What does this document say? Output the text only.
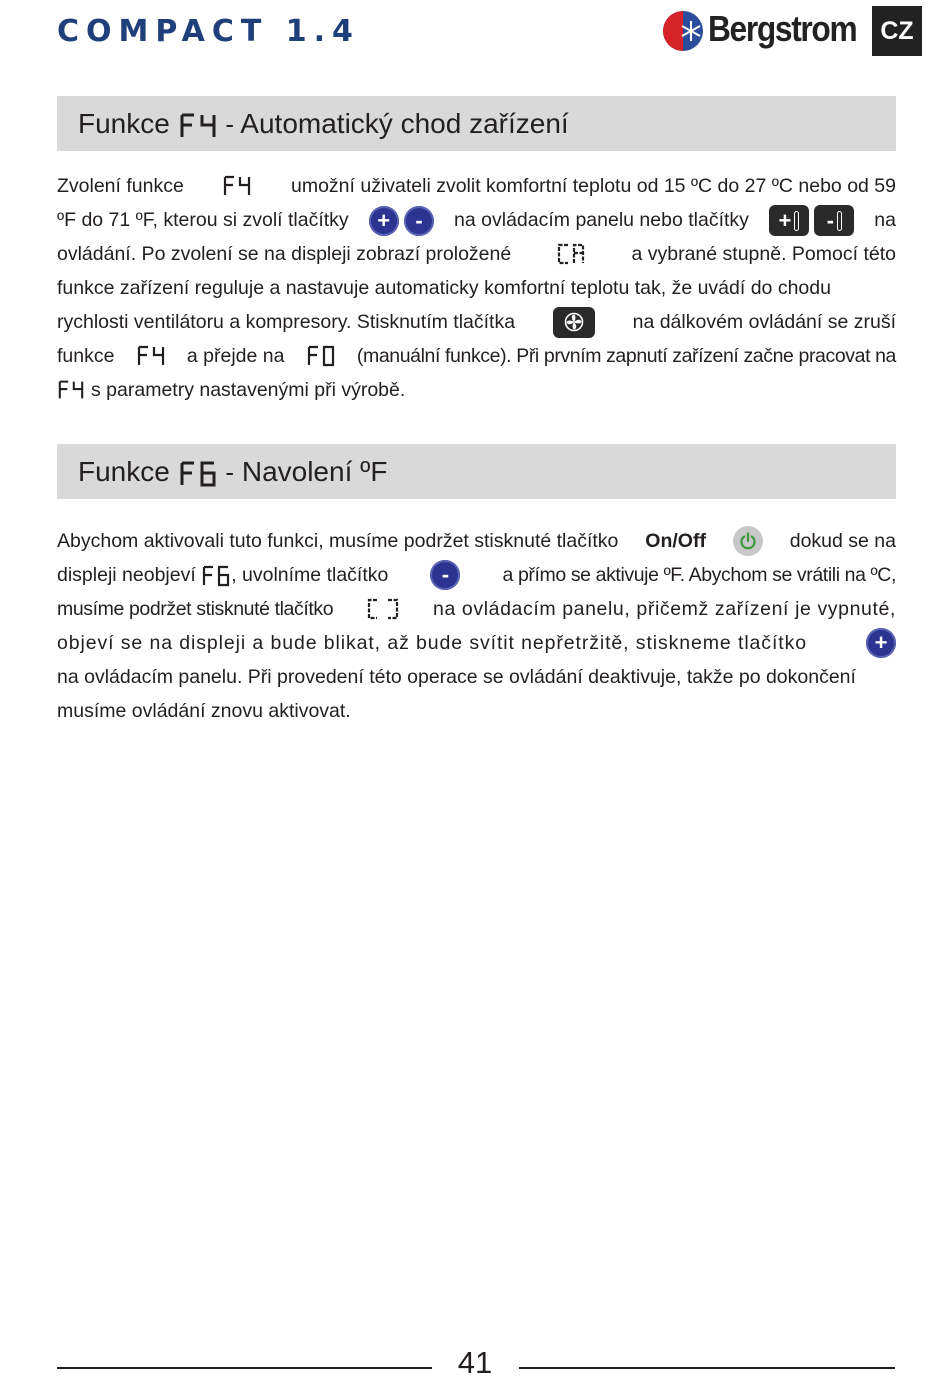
COMPACT 1.4	Bergstrom CZ
Funkce - Automatický chod zařízení
Zvolení funkce	umožní uživateli zvolit komfortní teplotu od 15 ºC do 27 ºC nebo od 59
ºF do 71 ºF, kterou si zvolí tlačítky	+ -	na ovládacím panelu nebo tlačítky +
- na
ovládání. Po zvolení se na displeji zobrazí proložené	a vybrané stupně. Pomocí této
funkce zařízení reguluje a nastavuje automaticky komfortní teplotu tak, že uvádí do chodu
rychlosti ventilátoru a kompresory. Stisknutím tlačítka	na dálkovém ovládání se zruší
funkce	a přejde na	(manuální funkce). Při prvním zapnutí zařízení začne pracovat na
s parametry nastavenými při výrobě.
Funkce - Navolení ºF
Abychom aktivovali tuto funkci, musíme podržet stisknuté tlačítko On/Off	dokud se na
displeji neobjeví , uvolníme tlačítko	-	a přímo se aktivuje ºF. Abychom se vrátili na ºC,
musíme podržet stisknuté tlačítko	na ovládacím panelu, přičemž zařízení je vypnuté,
objeví se na displeji a bude blikat, až bude svítit nepřetržitě, stiskneme tlačítko	+
na ovládacím panelu. Při provedení této operace se ovládání deaktivuje, takže po dokončení
musíme ovládání znovu aktivovat.
41
